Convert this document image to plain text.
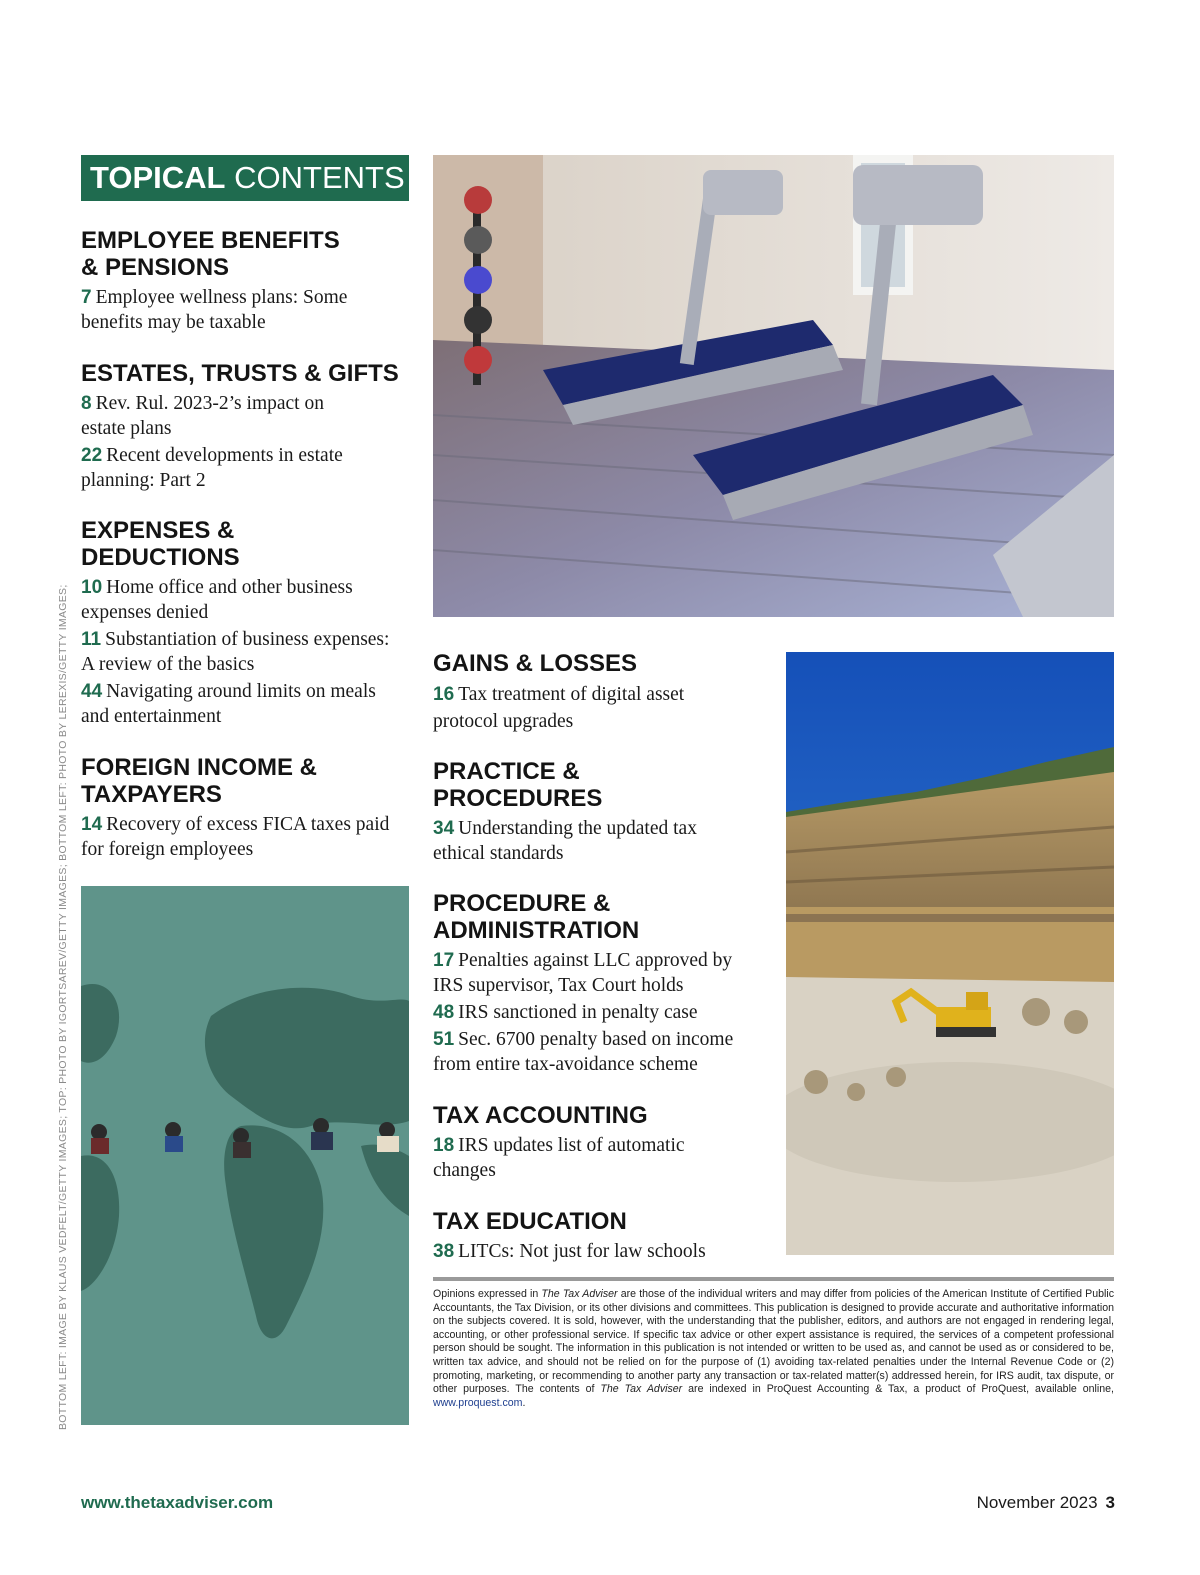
TOPICAL CONTENTS
EMPLOYEE BENEFITS
& PENSIONS
7 Employee wellness plans: Some
benefits may be taxable
ESTATES, TRUSTS & GIFTS
8 Rev. Rul. 2023-2’s impact on
estate plans
22 Recent developments in estate
planning: Part 2
EXPENSES &
DEDUCTIONS
10 Home office and other business
expenses denied
11 Substantiation of business expenses:
A review of the basics
44 Navigating around limits on meals
and entertainment
FOREIGN INCOME &
TAXPAYERS
14 Recovery of excess FICA taxes paid
for foreign employees
GAINS & LOSSES
16 Tax treatment of digital asset
protocol upgrades
PRACTICE &
PROCEDURES
34 Understanding the updated tax
ethical standards
PROCEDURE &
ADMINISTRATION
17 Penalties against LLC approved by
IRS supervisor, Tax Court holds
48 IRS sanctioned in penalty case
51 Sec. 6700 penalty based on income
from entire tax-avoidance scheme
TAX ACCOUNTING
18 IRS updates list of automatic
changes
TAX EDUCATION
38 LITCs: Not just for law schools
BOTTOM LEFT: IMAGE BY KLAUS VEDFELT/GETTY IMAGES; TOP: PHOTO BY IGORTSAREV/GETTY IMAGES; BOTTOM LEFT: PHOTO BY LEREXIS/GETTY IMAGES;	Opinions expressed in The Tax Adviser are those of the individual writers and may differ from policies of the American Institute of Certified Public Accountants, the Tax Division, or its other divisions and committees. This publication is designed to provide accurate and authoritative information on the subjects covered. It is sold, however, with the understanding that the publisher, editors, and authors are not engaged in rendering legal, accounting, or other professional service. If specific tax advice or other expert assistance is required, the services of a competent professional person should be sought. The information in this publication is not intended or written to be used as, and cannot be used as or considered to be, written tax advice, and should not be relied on for the purpose of (1) avoiding tax-related penalties under the Internal Revenue Code or (2) promoting, marketing, or recommending to another party any transaction or tax-related matter(s) addressed herein, for IRS audit, tax dispute, or other purposes. The contents of The Tax Adviser are indexed in ProQuest Accounting & Tax, a product of ProQuest, available online, www.proquest.com.
www.thetaxadviser.com	November 2023 3
